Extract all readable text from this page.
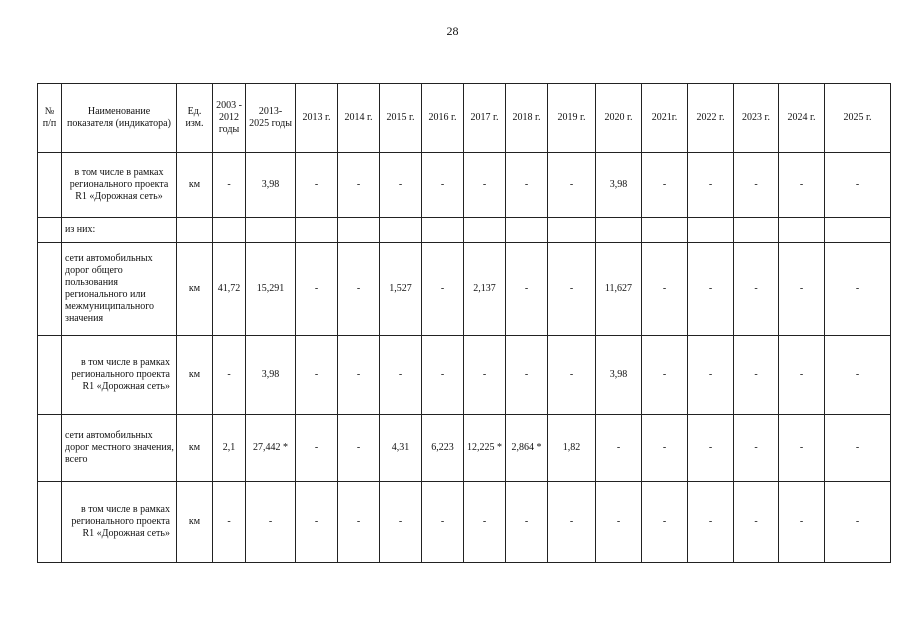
28
№ п/п	Наименование показателя (индикатора)	Ед. изм.	2003 - 2012 годы	2013- 2025 годы	2013 г.	2014 г.	2015 г.	2016 г.	2017 г.	2018 г.	2019 г.	2020 г.	2021г.	2022 г.	2023 г.	2024 г.	2025 г.
	в том числе в рамках регионального проекта R1 «Дорожная сеть»	км	-	3,98	-	-	-	-	-	-	-	3,98	-	-	-	-	-
	из них:																
	сети автомобильных дорог общего пользования регионального или межмуниципального значения	км	41,72	15,291	-	-	1,527	-	2,137	-	-	11,627	-	-	-	-	-
	в том числе в рамках регионального проекта R1 «Дорожная сеть»	км	-	3,98	-	-	-	-	-	-	-	3,98	-	-	-	-	-
	сети автомобильных дорог местного значения, всего	км	2,1	27,442 *	-	-	4,31	6,223	12,225 *	2,864 *	1,82	-	-	-	-	-	-
	в том числе в рамках регионального проекта R1 «Дорожная сеть»	км	-	-	-	-	-	-	-	-	-	-	-	-	-	-	-
